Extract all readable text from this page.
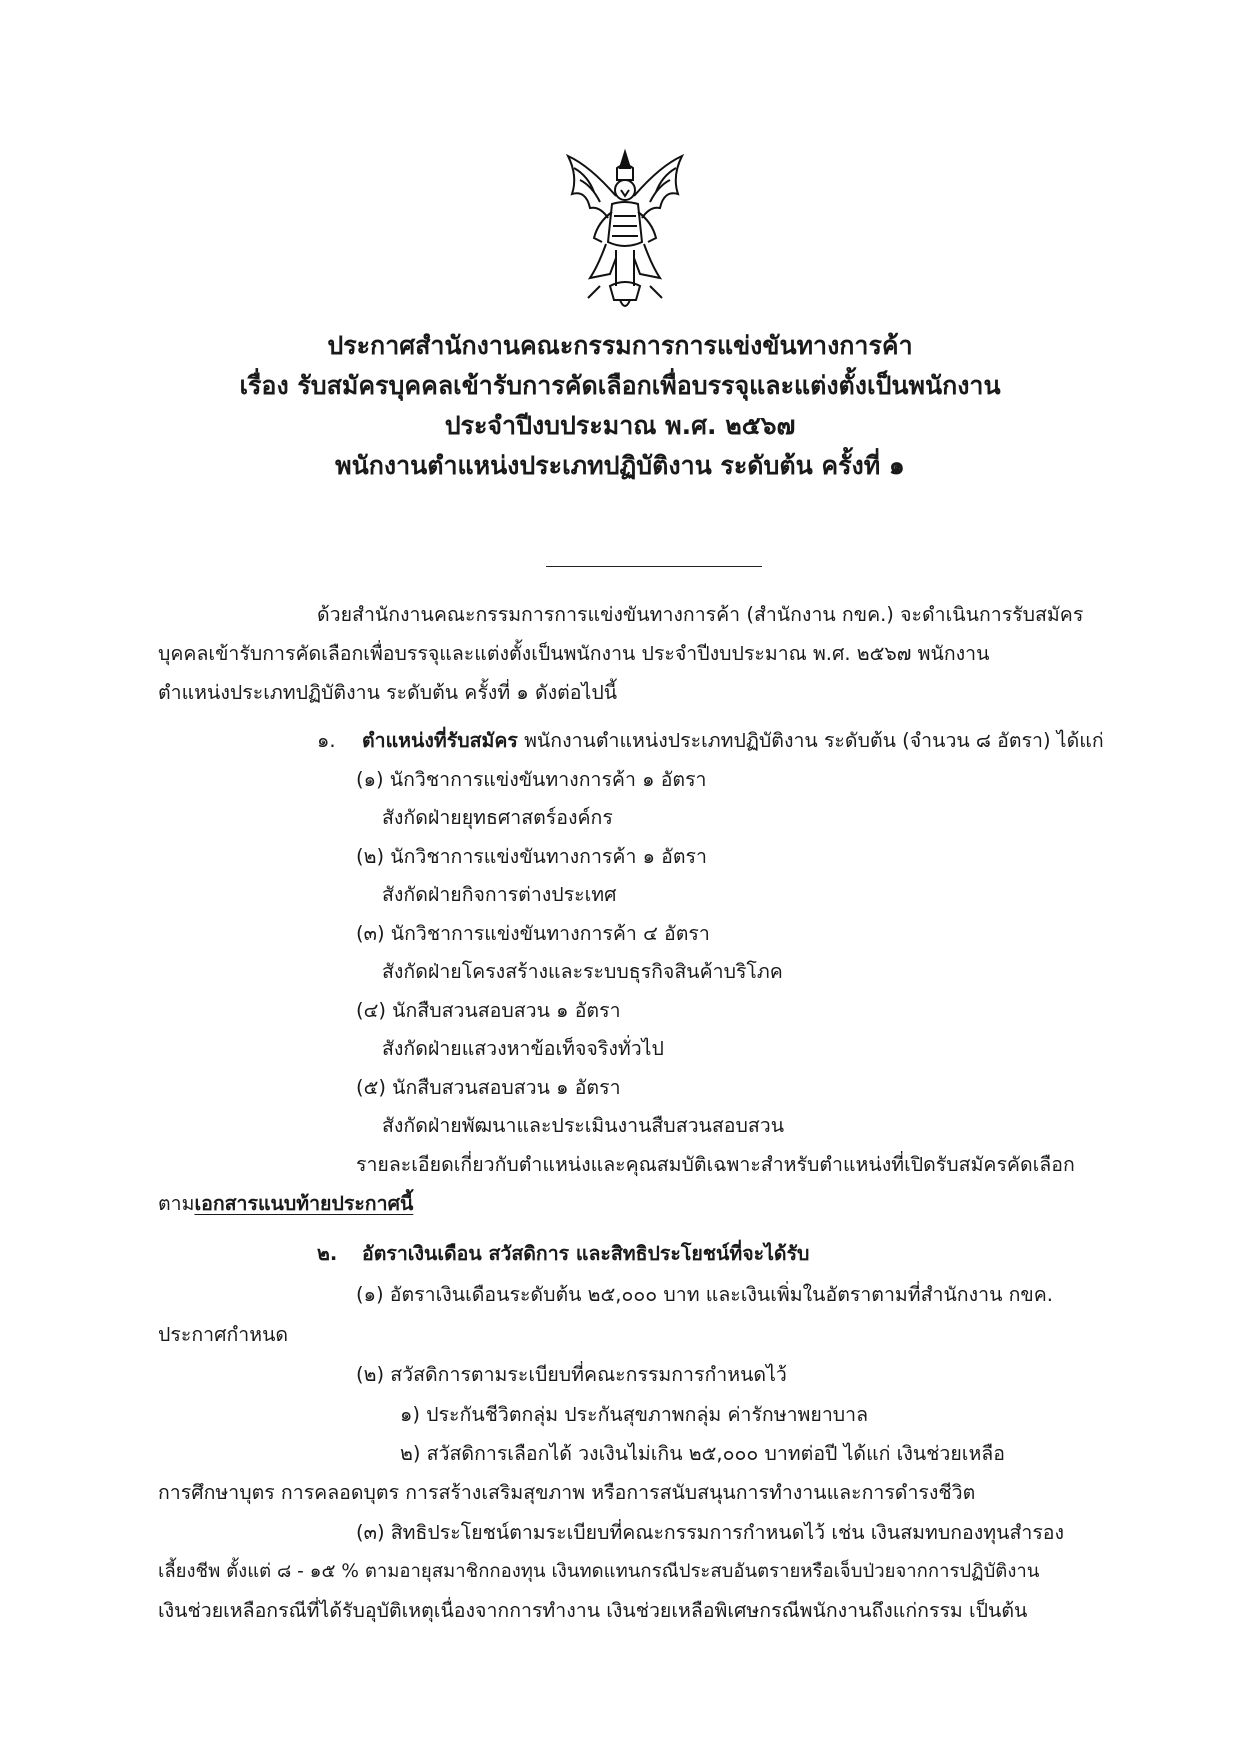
ประกาศสำนักงานคณะกรรมการการแข่งขันทางการค้า
เรื่อง รับสมัครบุคคลเข้ารับการคัดเลือกเพื่อบรรจุและแต่งตั้งเป็นพนักงาน
ประจำปีงบประมาณ พ.ศ. ๒๕๖๗
พนักงานตำแหน่งประเภทปฏิบัติงาน ระดับต้น ครั้งที่ ๑
ด้วยสำนักงานคณะกรรมการการแข่งขันทางการค้า (สำนักงาน กขค.) จะดำเนินการรับสมัคร
บุคคลเข้ารับการคัดเลือกเพื่อบรรจุและแต่งตั้งเป็นพนักงาน ประจำปีงบประมาณ พ.ศ. ๒๕๖๗ พนักงาน
ตำแหน่งประเภทปฏิบัติงาน ระดับต้น ครั้งที่ ๑ ดังต่อไปนี้
๑. ตำแหน่งที่รับสมัคร พนักงานตำแหน่งประเภทปฏิบัติงาน ระดับต้น (จำนวน ๘ อัตรา) ได้แก่
(๑) นักวิชาการแข่งขันทางการค้า ๑ อัตรา
สังกัดฝ่ายยุทธศาสตร์องค์กร
(๒) นักวิชาการแข่งขันทางการค้า ๑ อัตรา
สังกัดฝ่ายกิจการต่างประเทศ
(๓) นักวิชาการแข่งขันทางการค้า ๔ อัตรา
สังกัดฝ่ายโครงสร้างและระบบธุรกิจสินค้าบริโภค
(๔) นักสืบสวนสอบสวน ๑ อัตรา
สังกัดฝ่ายแสวงหาข้อเท็จจริงทั่วไป
(๕) นักสืบสวนสอบสวน ๑ อัตรา
สังกัดฝ่ายพัฒนาและประเมินงานสืบสวนสอบสวน
รายละเอียดเกี่ยวกับตำแหน่งและคุณสมบัติเฉพาะสำหรับตำแหน่งที่เปิดรับสมัครคัดเลือก
ตามเอกสารแนบท้ายประกาศนี้
๒. อัตราเงินเดือน สวัสดิการ และสิทธิประโยชน์ที่จะได้รับ
(๑) อัตราเงินเดือนระดับต้น ๒๕,๐๐๐ บาท และเงินเพิ่มในอัตราตามที่สำนักงาน กขค.
ประกาศกำหนด
(๒) สวัสดิการตามระเบียบที่คณะกรรมการกำหนดไว้
๑) ประกันชีวิตกลุ่ม ประกันสุขภาพกลุ่ม ค่ารักษาพยาบาล
๒) สวัสดิการเลือกได้ วงเงินไม่เกิน ๒๕,๐๐๐ บาทต่อปี ได้แก่ เงินช่วยเหลือ
การศึกษาบุตร การคลอดบุตร การสร้างเสริมสุขภาพ หรือการสนับสนุนการทำงานและการดำรงชีวิต
(๓) สิทธิประโยชน์ตามระเบียบที่คณะกรรมการกำหนดไว้ เช่น เงินสมทบกองทุนสำรอง
เลี้ยงชีพ ตั้งแต่ ๘ - ๑๕ % ตามอายุสมาชิกกองทุน เงินทดแทนกรณีประสบอันตรายหรือเจ็บป่วยจากการปฏิบัติงาน
เงินช่วยเหลือกรณีที่ได้รับอุบัติเหตุเนื่องจากการทำงาน เงินช่วยเหลือพิเศษกรณีพนักงานถึงแก่กรรม เป็นต้น
